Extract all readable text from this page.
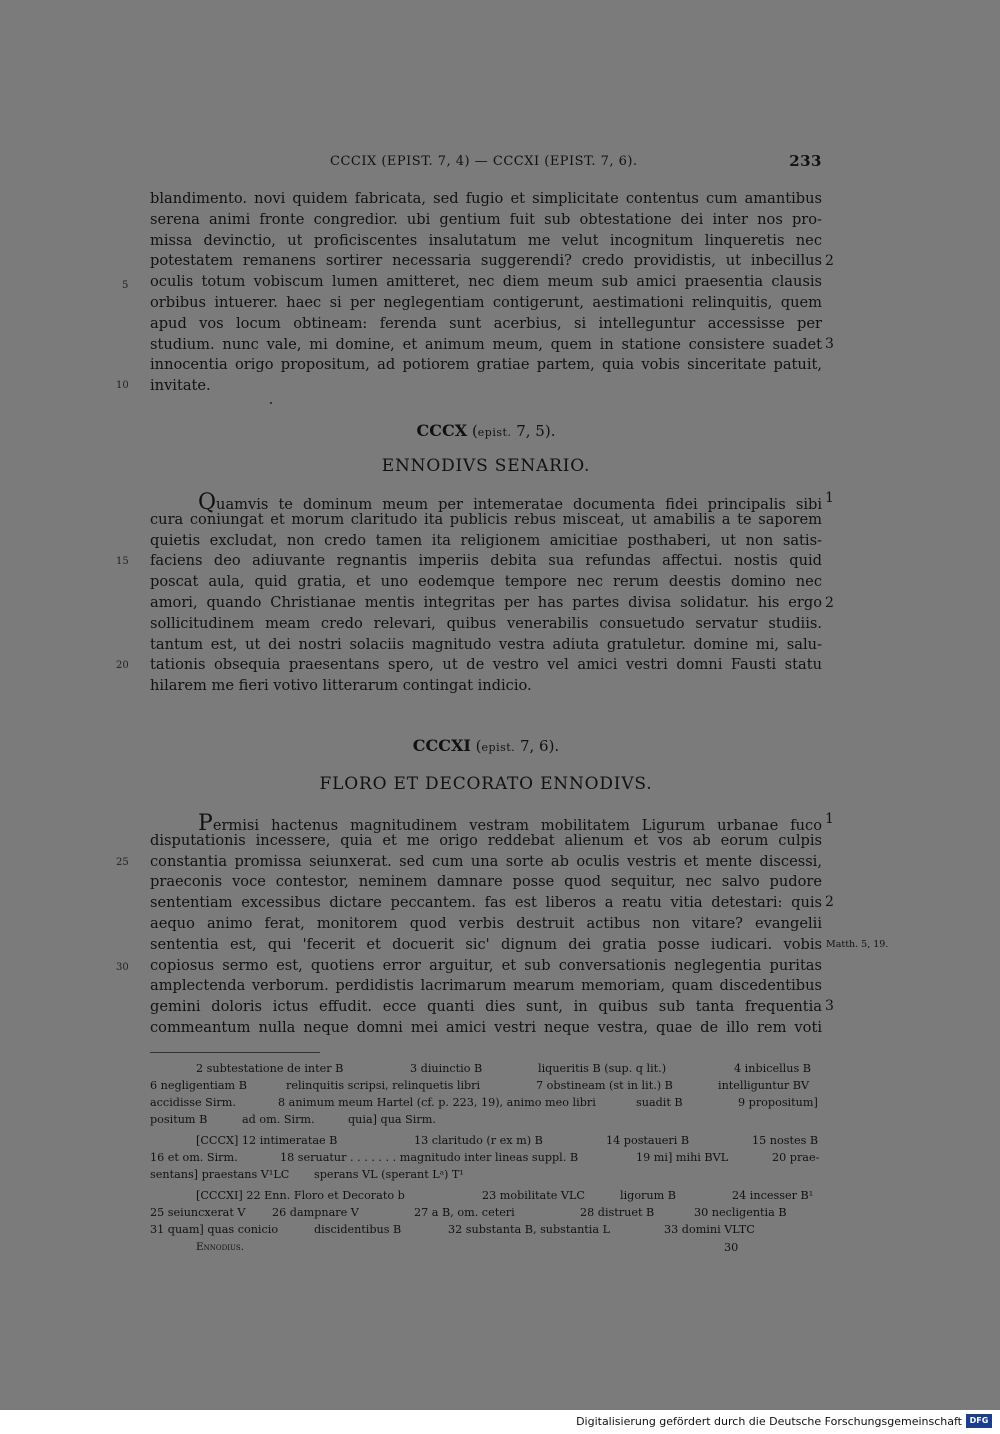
CCCIX (EPIST. 7, 4) — CCCXI (EPIST. 7, 6).	233
blandimento. novi quidem fabricata, sed fugio et simplicitate contentus cum amantibus
serena animi fronte congredior. ubi gentium fuit sub obtestatione dei inter nos pro-
missa devinctio, ut proficiscentes insalutatum me velut incognitum linqueretis nec
potestatem remanens sortirer necessaria suggerendi? credo providistis, ut inbecillus
oculis totum vobiscum lumen amitteret, nec diem meum sub amici praesentia clausis
orbibus intuerer. haec si per neglegentiam contigerunt, aestimationi relinquitis, quem
apud vos locum obtineam: ferenda sunt acerbius, si intelleguntur accessisse per
studium. nunc vale, mi domine, et animum meum, quem in statione consistere suadet
innocentia origo propositum, ad potiorem gratiae partem, quia vobis sinceritate patuit,
invitate.
CCCX (epist. 7, 5).
ENNODIVS SENARIO.
Quamvis te dominum meum per intemeratae documenta fidei principalis sibi
cura coniungat et morum claritudo ita publicis rebus misceat, ut amabilis a te saporem
quietis excludat, non credo tamen ita religionem amicitiae posthaberi, ut non satis-
faciens deo adiuvante regnantis imperiis debita sua refundas affectui. nostis quid
poscat aula, quid gratia, et uno eodemque tempore nec rerum deestis domino nec
amori, quando Christianae mentis integritas per has partes divisa solidatur. his ergo
sollicitudinem meam credo relevari, quibus venerabilis consuetudo servatur studiis.
tantum est, ut dei nostri solaciis magnitudo vestra adiuta gratuletur. domine mi, salu-
tationis obsequia praesentans spero, ut de vestro vel amici vestri domni Fausti statu
hilarem me fieri votivo litterarum contingat indicio.
CCCXI (epist. 7, 6).
FLORO ET DECORATO ENNODIVS.
Permisi hactenus magnitudinem vestram mobilitatem Ligurum urbanae fuco
disputationis incessere, quia et me origo reddebat alienum et vos ab eorum culpis
constantia promissa seiunxerat. sed cum una sorte ab oculis vestris et mente discessi,
praeconis voce contestor, neminem damnare posse quod sequitur, nec salvo pudore
sententiam excessibus dictare peccantem. fas est liberos a reatu vitia detestari: quis
aequo animo ferat, monitorem quod verbis destruit actibus non vitare? evangelii
sententia est, qui 'fecerit et docuerit sic' dignum dei gratia posse iudicari. vobis
copiosus sermo est, quotiens error arguitur, et sub conversationis neglegentia puritas
amplectenda verborum. perdidistis lacrimarum mearum memoriam, quam discedentibus
gemini doloris ictus effudit. ecce quanti dies sunt, in quibus sub tanta frequentia
commeantum nulla neque domni mei amici vestri neque vestra, quae de illo rem voti
5
10
15
20
25
30
2
3
1
2
1
2
3
Matth. 5, 19.
2 subtestatione de inter B	3 diuinctio B	liqueritis B (sup. q lit.)	4 inbicellus B
6 negligentiam B	relinquitis scripsi, relinquetis libri	7 obstineam (st in lit.) B	intelliguntur BV
accidisse Sirm.	8 animum meum Hartel (cf. p. 223, 19), animo meo libri	suadit B	9 propositum]
positum B	ad om. Sirm.	quia] qua Sirm.
[CCCX] 12 intimeratae B	13 claritudo (r ex m) B	14 postaueri B	15 nostes B
16 et om. Sirm.	18 seruatur . . . . . . . magnitudo inter lineas suppl. B	19 mi] mihi BVL	20 prae-
sentans] praestans V¹LC sperans VL (sperant Lᵃ) T¹
[CCCXI] 22 Enn. Floro et Decorato b	23 mobilitate VLC	ligorum B	24 incesser B¹
25 seiuncxerat V 26 dampnare V	27 a B, om. ceteri	28 distruet B	30 necligentia B
31 quam] quas conicio	discidentibus B	32 substanta B, substantia L	33 domini VLTC
Ennodius.	30
Digitalisierung gefördert durch die Deutsche Forschungsgemeinschaft DFG
